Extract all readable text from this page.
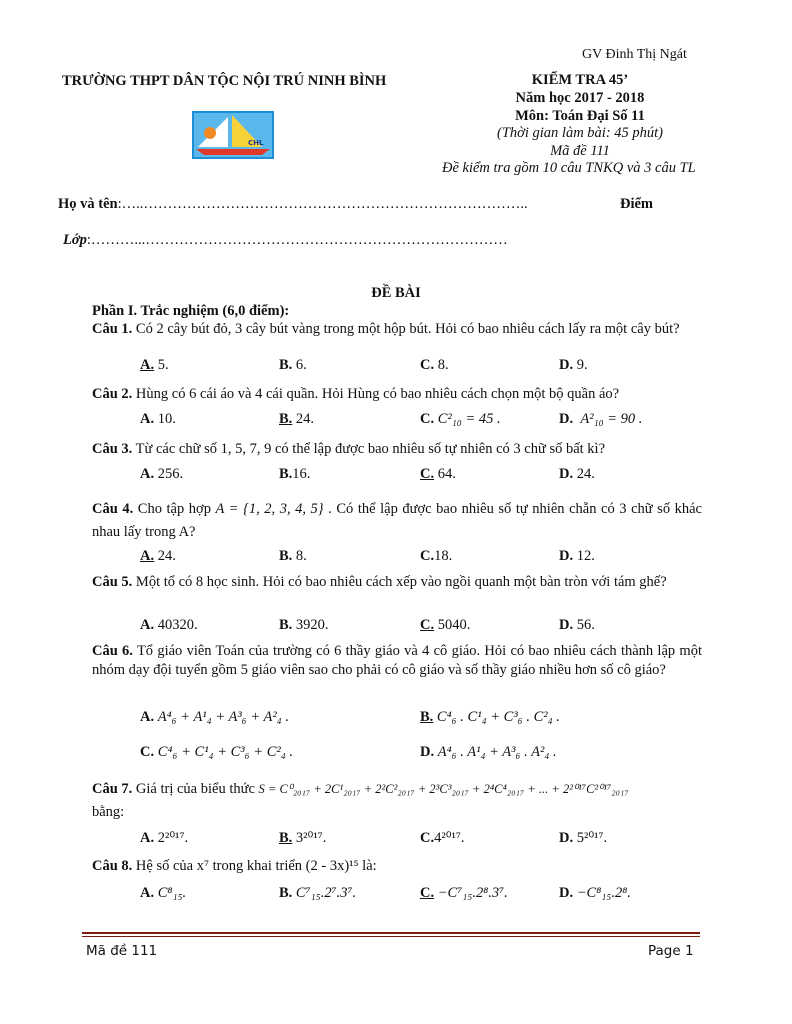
GV Đinh Thị Ngát
TRƯỜNG THPT DÂN TỘC NỘI TRÚ NINH BÌNH	KIỂM TRA 45’
Năm học 2017 - 2018
Môn: Toán Đại Số 11
(Thời gian làm bài: 45 phút)
Mã đề 111
Đề kiểm tra gồm 10 câu TNKQ và 3 câu TL
CHL
Họ và tên:…..……………………………………………………………………..	Điểm
Lớp:………...…………………………………………………………………
ĐỀ BÀI
Phần I. Trắc nghiệm (6,0 điểm):
Câu 1. Có 2 cây bút đỏ, 3 cây bút vàng trong một hộp bút. Hỏi có bao nhiêu cách lấy ra một cây bút?
A. 5.	B. 6.	C. 8.	D. 9.
Câu 2. Hùng có 6 cái áo và 4 cái quần. Hỏi Hùng có bao nhiêu cách chọn một bộ quần áo?
A. 10.	B. 24.	C. C²₁₀ = 45 .	D. A²₁₀ = 90 .
Câu 3. Từ các chữ số 1, 5, 7, 9 có thể lập được bao nhiêu số tự nhiên có 3 chữ số bất kì?
A. 256.	B.16.	C. 64.	D. 24.
Câu 4. Cho tập hợp A = {1, 2, 3, 4, 5} . Có thể lập được bao nhiêu số tự nhiên chẵn có 3 chữ số khác nhau lấy trong A?
A. 24.	B. 8.	C.18.	D. 12.
Câu 5. Một tổ có 8 học sinh. Hỏi có bao nhiêu cách xếp vào ngồi quanh một bàn tròn với tám ghế?
A. 40320.	B. 3920.	C. 5040.	D. 56.
Câu 6. Tổ giáo viên Toán của trường có 6 thầy giáo và 4 cô giáo. Hỏi có bao nhiêu cách thành lập một nhóm dạy đội tuyển gồm 5 giáo viên sao cho phải có cô giáo và số thầy giáo nhiều hơn số cô giáo?
A. A⁴₆ + A¹₄ + A³₆ + A²₄ .	B. C⁴₆ . C¹₄ + C³₆ . C²₄ .
C. C⁴₆ + C¹₄ + C³₆ + C²₄ .	D. A⁴₆ . A¹₄ + A³₆ . A²₄ .
Câu 7. Giá trị của biểu thức S = C⁰₂₀₁₇ + 2C¹₂₀₁₇ + 2²C²₂₀₁₇ + 2³C³₂₀₁₇ + 2⁴C⁴₂₀₁₇ + ... + 2²⁰¹⁷C²⁰¹⁷₂₀₁₇
bằng:
A. 2²⁰¹⁷.	B. 3²⁰¹⁷.	C.4²⁰¹⁷.	D. 5²⁰¹⁷.
Câu 8. Hệ số của x⁷ trong khai triển (2 - 3x)¹⁵ là:
A. C⁸₁₅.	B. C⁷₁₅.2⁷.3⁷.	C. −C⁷₁₅.2⁸.3⁷.	D. −C⁸₁₅.2⁸.
Mã đề 111	Page 1
